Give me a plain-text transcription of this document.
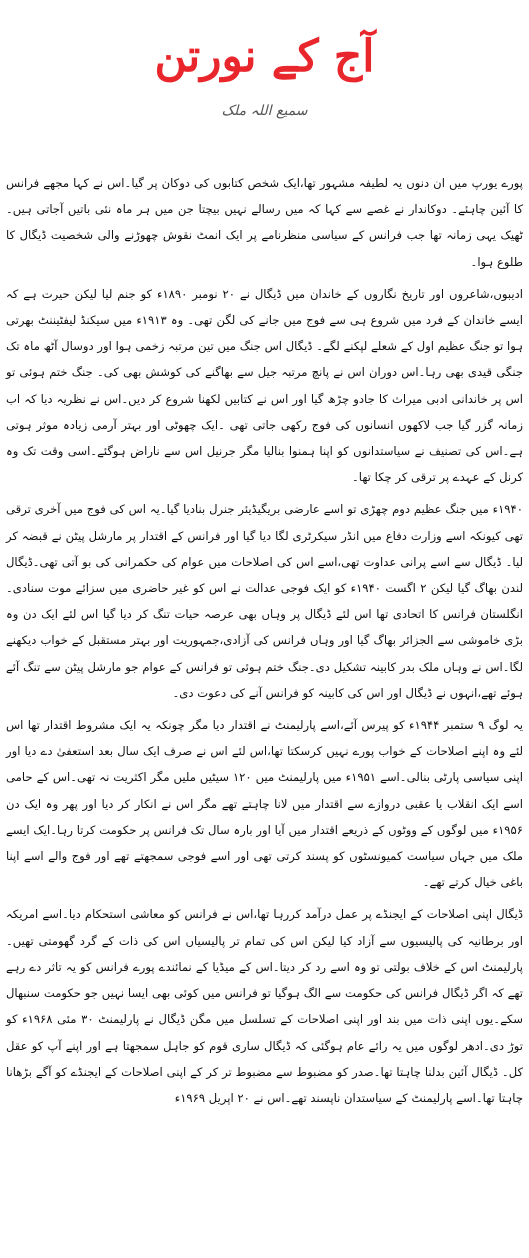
آج کے نورتن
سمیع اللہ ملک

پورے یورپ میں ان دنوں یہ لطیفہ مشہور تھا،ایک شخص کتابوں کی دوکان پر گیا۔اس نے کہا مجھے فرانس کا آئین چاہئے۔ دوکاندار نے غصے سے کہا کہ میں رسالے نہیں بیچتا جن میں ہر ماہ نئی باتیں آجاتی ہیں۔ٹھیک یہی زمانہ تھا جب فرانس کے سیاسی منظرنامے پر ایک انمٹ نقوش چھوڑنے والی شخصیت ڈیگال کا طلوع ہوا۔

ادیبوں،شاعروں اور تاریخ نگاروں کے خاندان میں ڈیگال نے ۲۰ نومبر ۱۸۹۰ء کو جنم لیا لیکن حیرت ہے کہ ایسے خاندان کے فرد میں شروع ہی سے فوج میں جانے کی لگن تھی۔ وہ ۱۹۱۳ء میں سیکنڈ لیفٹیننٹ بھرتی ہوا تو جنگ عظیم اول کے شعلے لپکنے لگے۔ ڈیگال اس جنگ میں تین مرتبہ زخمی ہوا اور دوسال آٹھ ماہ تک جنگی قیدی بھی رہا۔اس دوران اس نے پانچ مرتبہ جیل سے بھاگنے کی کوشش بھی کی۔ جنگ ختم ہوئی تو اس پر خاندانی ادبی میراث کا جادو چڑھ گیا اور اس نے کتابیں لکھنا شروع کر دیں۔اس نے نظریہ دیا کہ اب زمانہ گزر گیا جب لاکھوں انسانوں کی فوج رکھی جاتی تھی ۔ایک چھوٹی اور بہتر آرمی زیادہ موثر ہوتی ہے۔اس کی تصنیف نے سیاستدانوں کو اپنا ہمنوا بنالیا مگر جرنیل اس سے ناراض ہوگئے۔اسی وقت تک وہ کرنل کے عہدے پر ترقی کر چکا تھا۔

۱۹۴۰ء میں جنگ عظیم دوم چھڑی تو اسے عارضی بریگیڈیئر جنرل بنادیا گیا۔یہ اس کی فوج میں آخری ترقی تھی کیونکہ اسے وزارت دفاع میں انڈر سیکرٹری لگا دیا گیا اور فرانس کے اقتدار پر مارشل پیٹن نے قبضہ کر لیا۔ ڈیگال سے اسے پرانی عداوت تھی،اسے اس کی اصلاحات میں عوام کی حکمرانی کی بو آتی تھی۔ڈیگال لندن بھاگ گیا لیکن ۲ اگست ۱۹۴۰ء کو ایک فوجی عدالت نے اس کو غیر حاضری میں سزائے موت سنادی۔انگلستان فرانس کا اتحادی تھا اس لئے ڈیگال پر وہاں بھی عرصہ حیات تنگ کر دیا گیا اس لئے ایک دن وہ بڑی خاموشی سے الجزائر بھاگ گیا اور وہاں فرانس کی آزادی،جمہوریت اور بہتر مستقبل کے خواب دیکھنے لگا۔اس نے وہاں ملک بدر کابینہ تشکیل دی۔جنگ ختم ہوئی تو فرانس کے عوام جو مارشل پیٹن سے تنگ آئے ہوئے تھے،انہوں نے ڈیگال اور اس کی کابینہ کو فرانس آنے کی دعوت دی۔

یہ لوگ ۹ ستمبر ۱۹۴۴ء کو پیرس آئے،اسے پارلیمنٹ نے اقتدار دیا مگر چونکہ یہ ایک مشروط اقتدار تھا اس لئے وہ اپنے اصلاحات کے خواب پورے نہیں کرسکتا تھا،اس لئے اس نے صرف ایک سال بعد استعفیٰ دے دیا اور اپنی سیاسی پارٹی بنالی۔اسے ۱۹۵۱ء میں پارلیمنٹ میں ۱۲۰ سیٹیں ملیں مگر اکثریت نہ تھی۔اس کے حامی اسے ایک انقلاب یا عقبی دروازے سے اقتدار میں لانا چاہتے تھے مگر اس نے انکار کر دیا اور پھر وہ ایک دن ۱۹۵۶ء میں لوگوں کے ووٹوں کے ذریعے اقتدار میں آیا اور بارہ سال تک فرانس پر حکومت کرتا رہا۔ایک ایسے ملک میں جہاں سیاست کمیونسٹوں کو پسند کرتی تھی اور اسے فوجی سمجھتے تھے اور فوج والے اسے اپنا باغی خیال کرتے تھے۔

ڈیگال اپنی اصلاحات کے ایجنڈے پر عمل درآمد کررہا تھا،اس نے فرانس کو معاشی استحکام دیا۔اسے امریکہ اور برطانیہ کی پالیسیوں سے آزاد کیا لیکن اس کی تمام تر پالیسیاں اس کی ذات کے گرد گھومتی تھیں۔پارلیمنٹ اس کے خلاف بولتی تو وہ اسے رد کر دیتا۔اس کے میڈیا کے نمائندے پورے فرانس کو یہ تاثر دے رہے تھے کہ اگر ڈیگال فرانس کی حکومت سے الگ ہوگیا تو فرانس میں کوئی بھی ایسا نہیں جو حکومت سنبھال سکے۔یوں اپنی ذات میں بند اور اپنی اصلاحات کے تسلسل میں مگن ڈیگال نے پارلیمنٹ ۳۰ مئی ۱۹۶۸ء کو توڑ دی۔ادھر لوگوں میں یہ رائے عام ہوگئی کہ ڈیگال ساری قوم کو جاہل سمجھتا ہے اور اپنے آپ کو عقل کل۔ ڈیگال آئین بدلنا چاہتا تھا۔صدر کو مضبوط سے مضبوط تر کر کے اپنی اصلاحات کے ایجنڈے کو آگے بڑھانا چاہتا تھا۔اسے پارلیمنٹ کے سیاستدان ناپسند تھے۔اس نے ۲۰ اپریل ۱۹۶۹ء
